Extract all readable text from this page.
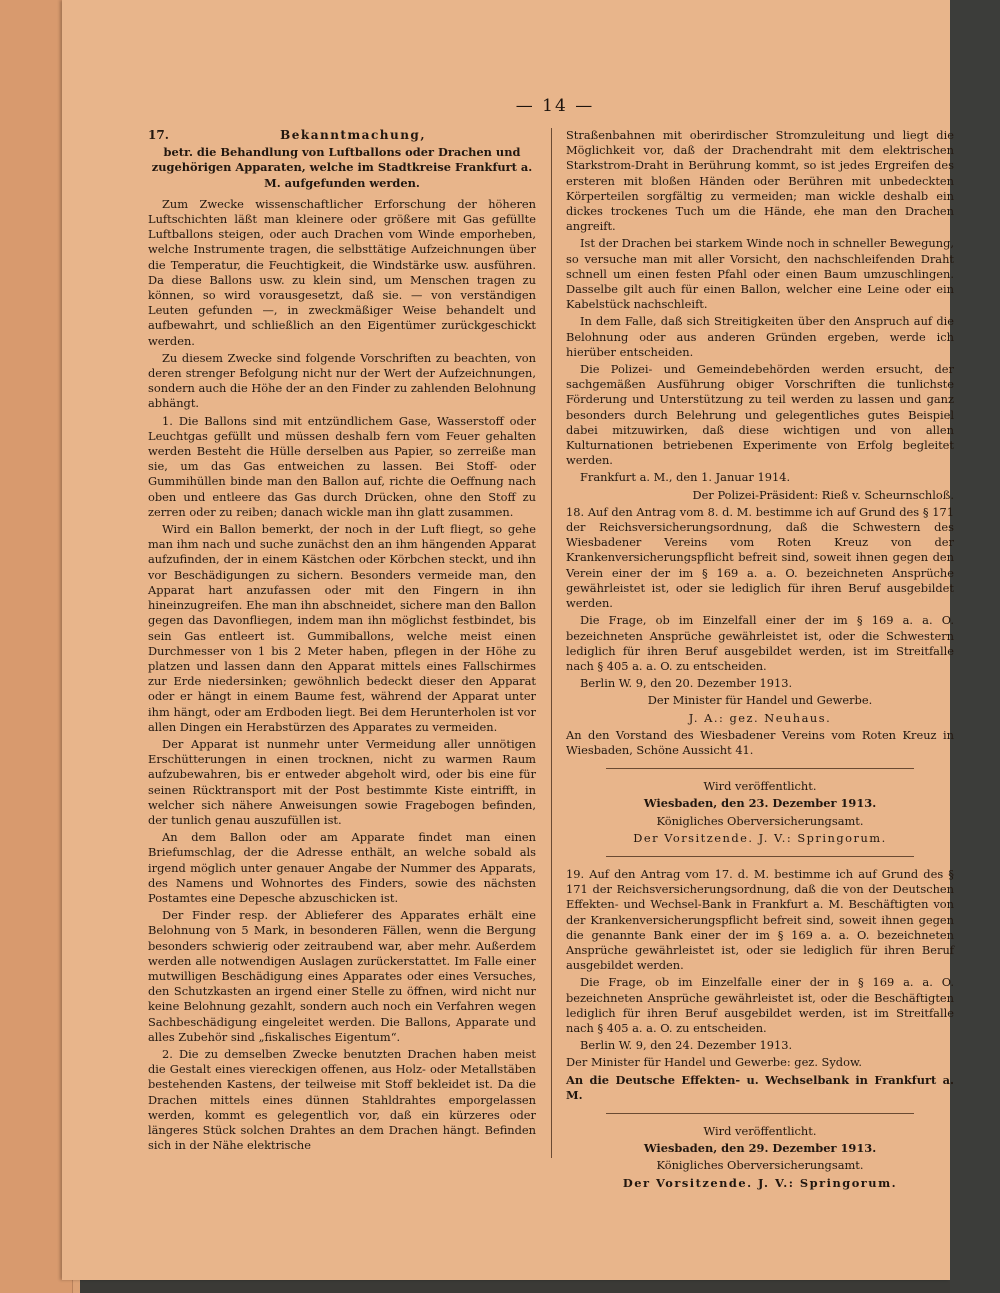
— 14 —
17.	Bekanntmachung,

betr. die Behandlung von Luftballons oder Drachen und zugehörigen Apparaten, welche im Stadtkreise Frankfurt a. M. aufgefunden werden.

Zum Zwecke wissenschaftlicher Erforschung der höheren Luftschichten läßt man kleinere oder größere mit Gas gefüllte Luftballons steigen, oder auch Drachen vom Winde emporheben, welche Instrumente tragen, die selbsttätige Aufzeichnungen über die Temperatur, die Feuchtigkeit, die Windstärke usw. ausführen. Da diese Ballons usw. zu klein sind, um Menschen tragen zu können, so wird vorausgesetzt, daß sie. — von verständigen Leuten gefunden —, in zweckmäßiger Weise behandelt und aufbewahrt, und schließlich an den Eigentümer zurückgeschickt werden.

Zu diesem Zwecke sind folgende Vorschriften zu beachten, von deren strenger Befolgung nicht nur der Wert der Aufzeichnungen, sondern auch die Höhe der an den Finder zu zahlenden Belohnung abhängt.

1. Die Ballons sind mit entzündlichem Gase, Wasserstoff oder Leuchtgas gefüllt und müssen deshalb fern vom Feuer gehalten werden Besteht die Hülle derselben aus Papier, so zerreiße man sie, um das Gas entweichen zu lassen. Bei Stoff- oder Gummihüllen binde man den Ballon auf, richte die Oeffnung nach oben und entleere das Gas durch Drücken, ohne den Stoff zu zerren oder zu reiben; danach wickle man ihn glatt zusammen.

Wird ein Ballon bemerkt, der noch in der Luft fliegt, so gehe man ihm nach und suche zunächst den an ihm hängenden Apparat aufzufinden, der in einem Kästchen oder Körbchen steckt, und ihn vor Beschädigungen zu sichern. Besonders vermeide man, den Apparat hart anzufassen oder mit den Fingern in ihn hineinzugreifen. Ehe man ihn abschneidet, sichere man den Ballon gegen das Davonfliegen, indem man ihn möglichst festbindet, bis sein Gas entleert ist. Gummiballons, welche meist einen Durchmesser von 1 bis 2 Meter haben, pflegen in der Höhe zu platzen und lassen dann den Apparat mittels eines Fallschirmes zur Erde niedersinken; gewöhnlich bedeckt dieser den Apparat oder er hängt in einem Baume fest, während der Apparat unter ihm hängt, oder am Erdboden liegt. Bei dem Herunterholen ist vor allen Dingen ein Herabstürzen des Apparates zu vermeiden.

Der Apparat ist nunmehr unter Vermeidung aller unnötigen Erschütterungen in einen trocknen, nicht zu warmen Raum aufzubewahren, bis er entweder abgeholt wird, oder bis eine für seinen Rücktransport mit der Post bestimmte Kiste eintrifft, in welcher sich nähere Anweisungen sowie Fragebogen befinden, der tunlich genau auszufüllen ist.

An dem Ballon oder am Apparate findet man einen Briefumschlag, der die Adresse enthält, an welche sobald als irgend möglich unter genauer Angabe der Nummer des Apparats, des Namens und Wohnortes des Finders, sowie des nächsten Postamtes eine Depesche abzuschicken ist.

Der Finder resp. der Ablieferer des Apparates erhält eine Belohnung von 5 Mark, in besonderen Fällen, wenn die Bergung besonders schwierig oder zeitraubend war, aber mehr. Außerdem werden alle notwendigen Auslagen zurückerstattet. Im Falle einer mutwilligen Beschädigung eines Apparates oder eines Versuches, den Schutzkasten an irgend einer Stelle zu öffnen, wird nicht nur keine Belohnung gezahlt, sondern auch noch ein Verfahren wegen Sachbeschädigung eingeleitet werden. Die Ballons, Apparate und alles Zubehör sind „fiskalisches Eigentum“.

2. Die zu demselben Zwecke benutzten Drachen haben meist die Gestalt eines viereckigen offenen, aus Holz- oder Metallstäben bestehenden Kastens, der teilweise mit Stoff bekleidet ist. Da die Drachen mittels eines dünnen Stahldrahtes emporgelassen werden, kommt es gelegentlich vor, daß ein kürzeres oder längeres Stück solchen Drahtes an dem Drachen hängt. Befinden sich in der Nähe elektrische

Straßenbahnen mit oberirdischer Stromzuleitung und liegt die Möglichkeit vor, daß der Drachendraht mit dem elektrischen Starkstrom-Draht in Berührung kommt, so ist jedes Ergreifen des ersteren mit bloßen Händen oder Berühren mit unbedeckten Körperteilen sorgfältig zu vermeiden; man wickle deshalb ein dickes trockenes Tuch um die Hände, ehe man den Drachen angreift.

Ist der Drachen bei starkem Winde noch in schneller Bewegung, so versuche man mit aller Vorsicht, den nachschleifenden Draht schnell um einen festen Pfahl oder einen Baum umzuschlingen. Dasselbe gilt auch für einen Ballon, welcher eine Leine oder ein Kabelstück nachschleift.

In dem Falle, daß sich Streitigkeiten über den Anspruch auf die Belohnung oder aus anderen Gründen ergeben, werde ich hierüber entscheiden.

Die Polizei- und Gemeindebehörden werden ersucht, der sachgemäßen Ausführung obiger Vorschriften die tunlichste Förderung und Unterstützung zu teil werden zu lassen und ganz besonders durch Belehrung und gelegentliches gutes Beispiel dabei mitzuwirken, daß diese wichtigen und von allen Kulturnationen betriebenen Experimente von Erfolg begleitet werden.

Frankfurt a. M., den 1. Januar 1914.

Der Polizei-Präsident: Rieß v. Scheurnschloß.

18. Auf den Antrag vom 8. d. M. bestimme ich auf Grund des § 171 der Reichsversicherungsordnung, daß die Schwestern des Wiesbadener Vereins vom Roten Kreuz von der Krankenversicherungspflicht befreit sind, soweit ihnen gegen den Verein einer der im § 169 a. a. O. bezeichneten Ansprüche gewährleistet ist, oder sie lediglich für ihren Beruf ausgebildet werden.

Die Frage, ob im Einzelfall einer der im § 169 a. a. O. bezeichneten Ansprüche gewährleistet ist, oder die Schwestern lediglich für ihren Beruf ausgebildet werden, ist im Streitfalle nach § 405 a. a. O. zu entscheiden.

Berlin W. 9, den 20. Dezember 1913.

Der Minister für Handel und Gewerbe.

J. A.: gez. Neuhaus.

An den Vorstand des Wiesbadener Vereins vom Roten Kreuz in Wiesbaden, Schöne Aussicht 41.

Wird veröffentlicht.

Wiesbaden, den 23. Dezember 1913.

Königliches Oberversicherungsamt.

Der Vorsitzende. J. V.: Springorum.

19. Auf den Antrag vom 17. d. M. bestimme ich auf Grund des § 171 der Reichsversicherungsordnung, daß die von der Deutschen Effekten- und Wechsel-Bank in Frankfurt a. M. Beschäftigten von der Krankenversicherungspflicht befreit sind, soweit ihnen gegen die genannte Bank einer der im § 169 a. a. O. bezeichneten Ansprüche gewährleistet ist, oder sie lediglich für ihren Beruf ausgebildet werden.

Die Frage, ob im Einzelfalle einer der in § 169 a. a. O. bezeichneten Ansprüche gewährleistet ist, oder die Beschäftigten lediglich für ihren Beruf ausgebildet werden, ist im Streitfalle nach § 405 a. a. O. zu entscheiden.

Berlin W. 9, den 24. Dezember 1913.

Der Minister für Handel und Gewerbe: gez. Sydow.

An die Deutsche Effekten- u. Wechselbank in Frankfurt a. M.

Wird veröffentlicht.

Wiesbaden, den 29. Dezember 1913.

Königliches Oberversicherungsamt.

Der Vorsitzende. J. V.: Springorum.
